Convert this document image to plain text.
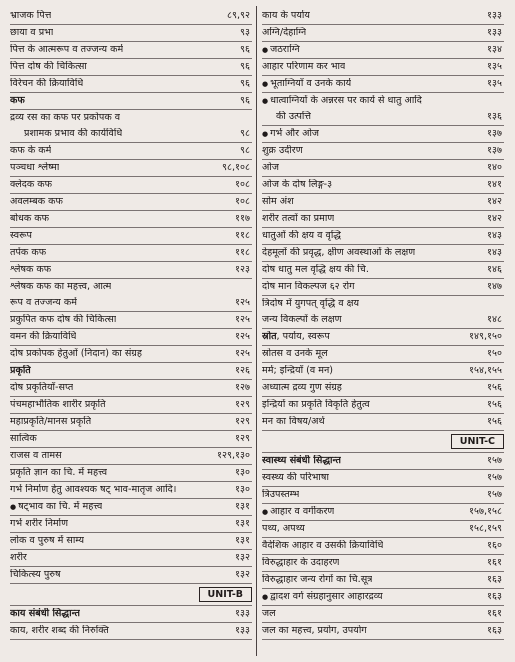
भ्राजक पित्त	८९,९२
छाया व प्रभा	९३
पित्त के आत्मरूप व तज्जन्य कर्म	९६
पित्त दोष की चिकित्सा	९६
विरेचन की क्रियाविधि	९६
कफ	९६
द्रव्य रस का कफ पर प्रकोपक व
प्रशामक प्रभाव की कार्यविधि	९८
कफ के कर्म	९८
पञ्चधा श्लेष्मा	९८,१०८
क्लेदक कफ	१०८
अवलम्बक कफ	१०८
बोधक कफ	११७
स्वरूप	११८
तर्पक कफ	११८
श्लेषक कफ	१२३
श्लेषक कफ का महत्त्व, आत्म
रूप व तज्जन्य कर्म	१२५
प्रकुपित कफ दोष की चिकित्सा	१२५
वमन की क्रियाविधि	१२५
दोष प्रकोपक हेतुओं (निदान) का संग्रह	१२५
प्रकृति	१२६
दोष प्रकृतियाँ-सप्त	१२७
पंचमहाभौतिक शारीर प्रकृति	१२९
महाप्रकृति/मानस प्रकृति	१२९
सात्विक	१२९
राजस व तामस	१२९,१३०
प्रकृति ज्ञान का चि. में महत्त्व	१३०
गर्भ निर्माण हेतु आवश्यक षट् भाव-मातृज आदि।	१३०
● षट्भाव का चि. में महत्त्व	१३१
गर्भ शरीर निर्माण	१३१
लोक व पुरुष में साम्य	१३१
शरीर	१३२
चिकित्स्य पुरुष	१३२
UNIT-B
काय संबंधी सिद्धान्त	१३३
काय, शरीर शब्द की निरुक्ति	१३३
काय के पर्याय	१३३
अग्नि/देहाग्नि	१३३
● जठराग्नि	१३४
आहार परिणाम कर भाव	१३५
● भूताग्नियाँ व उनके कार्य	१३५
● धात्वाग्नियों के अन्नरस पर कार्य से धातु आदि
की उत्पत्ति	१३६
● गर्भ और ओज	१३७
शुक्र उदीरण	१३७
ओज	१४०
ओज के दोष लिङ्ग-३	१४१
सोम अंश	१४२
शरीर तत्वों का प्रमाण	१४२
धातुओं की क्षय व वृद्धि	१४३
देहमूलों की प्रवृद्ध, क्षीण अवस्थाओं के लक्षण	१४३
दोष धातु मल वृद्धि क्षय की चि.	१४६
दोष मान विकल्पज ६२ रोग	१४७
त्रिदोष में युगपत् वृद्धि व क्षय
जन्य विकल्पों के लक्षण	१४८
स्रोत, पर्याय, स्वरूप	१४९,१५०
स्रोतस व उनके मूल	१५०
मर्म; इन्द्रियाँ (व मन)	१५४,१५५
अध्यात्म द्रव्य गुण संग्रह	१५६
इन्द्रियों का प्रकृति विकृति हेतुत्व	१५६
मन का विषय/अर्थ	१५६
UNIT-C
स्वास्थ्य संबंधी सिद्धान्त	१५७
स्वस्थ्य की परिभाषा	१५७
त्रिउपस्तम्भ	१५७
● आहार व वर्गीकरण	१५७,१५८
पथ्य, अपथ्य	१५८,१५९
वैदेशिक आहार व उसकी क्रियाविधि	१६०
विरुद्धाहार के उदाहरण	१६१
विरुद्धाहार जन्य रोगों का चि.सूत्र	१६३
● द्वादश वर्ग संग्रहानुसार आहारद्रव्य	१६३
जल	१६१
जल का महत्त्व, प्रयोग, उपयोग	१६३
